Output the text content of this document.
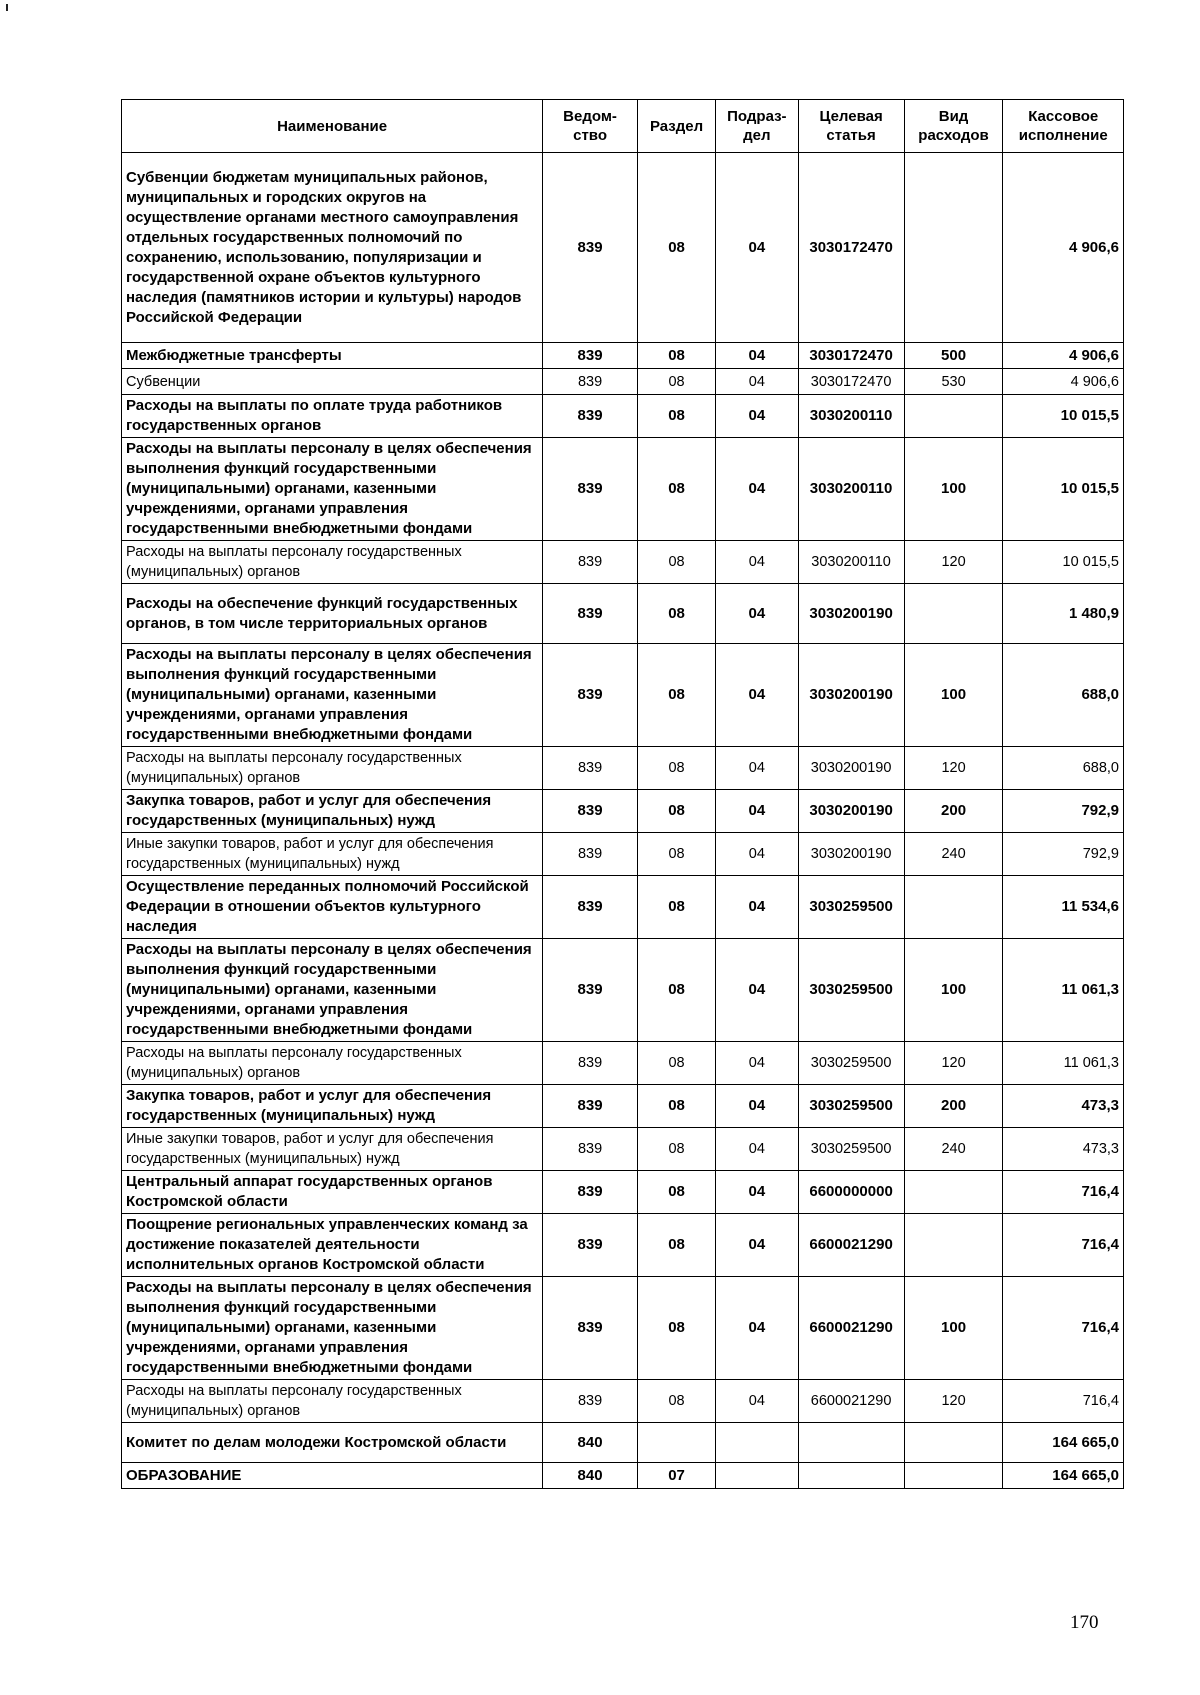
Наименование	Ведом-ство	Раздел	Подраз-дел	Целевая статья	Вид расходов	Кассовое исполнение
Субвенции бюджетам муниципальных районов, муниципальных и городских округов на осуществление органами местного самоуправления отдельных государственных полномочий по сохранению, использованию, популяризации и государственной охране объектов культурного наследия (памятников истории и культуры) народов Российской Федерации	839	08	04	3030172470		4 906,6
Межбюджетные трансферты	839	08	04	3030172470	500	4 906,6
Субвенции	839	08	04	3030172470	530	4 906,6
Расходы на выплаты по оплате труда работников государственных органов	839	08	04	3030200110		10 015,5
Расходы на выплаты персоналу в целях обеспечения выполнения функций государственными (муниципальными) органами, казенными учреждениями, органами управления государственными внебюджетными фондами	839	08	04	3030200110	100	10 015,5
Расходы на выплаты персоналу государственных (муниципальных) органов	839	08	04	3030200110	120	10 015,5
Расходы на обеспечение функций государственных органов, в том числе территориальных органов	839	08	04	3030200190		1 480,9
Расходы на выплаты персоналу в целях обеспечения выполнения функций государственными (муниципальными) органами, казенными учреждениями, органами управления государственными внебюджетными фондами	839	08	04	3030200190	100	688,0
Расходы на выплаты персоналу государственных (муниципальных) органов	839	08	04	3030200190	120	688,0
Закупка товаров, работ и услуг для обеспечения государственных (муниципальных) нужд	839	08	04	3030200190	200	792,9
Иные закупки товаров, работ и услуг для обеспечения государственных (муниципальных) нужд	839	08	04	3030200190	240	792,9
Осуществление переданных полномочий Российской Федерации в отношении объектов культурного наследия	839	08	04	3030259500		11 534,6
Расходы на выплаты персоналу в целях обеспечения выполнения функций государственными (муниципальными) органами, казенными учреждениями, органами управления государственными внебюджетными фондами	839	08	04	3030259500	100	11 061,3
Расходы на выплаты персоналу государственных (муниципальных) органов	839	08	04	3030259500	120	11 061,3
Закупка товаров, работ и услуг для обеспечения государственных (муниципальных) нужд	839	08	04	3030259500	200	473,3
Иные закупки товаров, работ и услуг для обеспечения государственных (муниципальных) нужд	839	08	04	3030259500	240	473,3
Центральный аппарат государственных органов Костромской области	839	08	04	6600000000		716,4
Поощрение региональных управленческих команд за достижение показателей деятельности исполнительных органов Костромской области	839	08	04	6600021290		716,4
Расходы на выплаты персоналу в целях обеспечения выполнения функций государственными (муниципальными) органами, казенными учреждениями, органами управления государственными внебюджетными фондами	839	08	04	6600021290	100	716,4
Расходы на выплаты персоналу государственных (муниципальных) органов	839	08	04	6600021290	120	716,4
Комитет по делам молодежи Костромской области	840					164 665,0
ОБРАЗОВАНИЕ	840	07				164 665,0
170
